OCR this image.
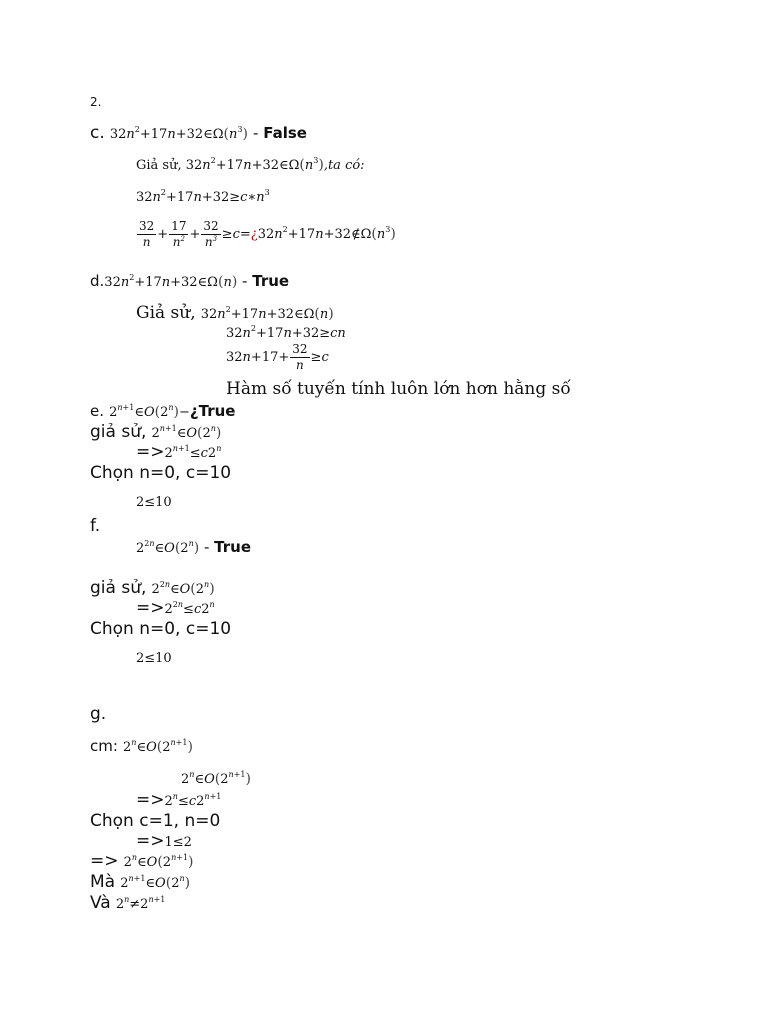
2.
c. $32n^2+17n+32\in\Omega(n^3)$ - False
Giả sử, $32n^2+17n+32\in\Omega(n^3),ta$ có:
$32n^2+17n+32\ge c∗n^3$
$\frac{32}{n} + \frac{17}{n^2} + \frac{32}{n^3}$ $\ge c=¿32n^2+17n+32\notin\Omega(n^3)$
$d.32n^2+17n+32\in\Omega(n)$ - True
Giả sử, $32n^2+17n+32\in\Omega(n)$
$32n^2+17n+32\ge cn$
$32n+17+ \frac{32}{n} \ge c$
Hàm số tuyến tính luôn lớn hơn hằng số
e. $2^{n+1}\in O(2^n)-¿True$
giả sử, $2^{n+1}\in O(2^n)$
$=>2^{n+1}\le c2^n$
Chọn n=0, c=10
2≤10
f.
$2^{2n}\in O(2^n)$ - True
giả sử, $2^{2n}\in O(2^n)$
$=>2^{2n}\le c2^n$
Chọn n=0, c=10
2≤10
g.
cm: $2^n\in O(2^{n+1})$
$2^n\in O(2^{n+1})$
$=>2^n\le c2^{n+1}$
Chọn c=1, n=0
=>1≤2
=> $2^n\in O(2^{n+1})$
Mà $2^{n+1}\in O(2^n)$
Và $2^n\ne 2^{n+1}$
